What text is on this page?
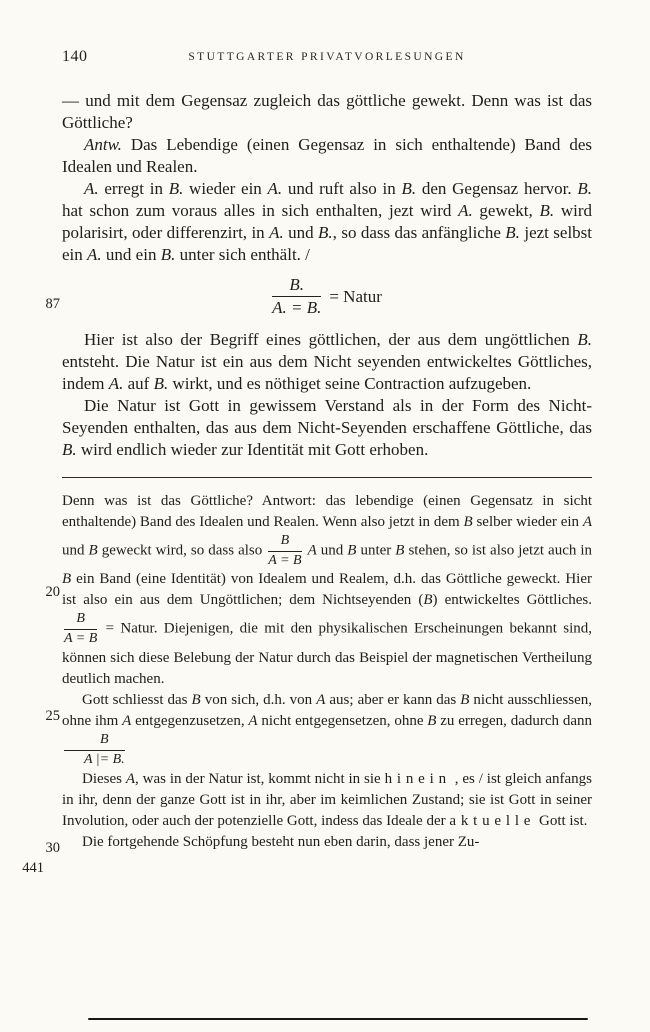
140	STUTTGARTER PRIVATVORLESUNGEN
87
20
25
30
441

— und mit dem Gegensaz zugleich das göttliche gewekt. Denn was ist das Göttliche?

Antw. Das Lebendige (einen Gegensaz in sich enthaltende) Band des Idealen und Realen.

A. erregt in B. wieder ein A. und ruft also in B. den Gegensaz hervor. B. hat schon zum voraus alles in sich enthalten, jezt wird A. gewekt, B. wird polarisirt, oder differenzirt, in A. und B., so dass das anfängliche B. jezt selbst ein A. und ein B. unter sich enthält. /

$\frac{B.}{A. = B.}$ = Natur

Hier ist also der Begriff eines göttlichen, der aus dem ungöttlichen B. entsteht. Die Natur ist ein aus dem Nicht seyenden entwickeltes Göttliches, indem A. auf B. wirkt, und es nöthiget seine Contraction aufzugeben.

Die Natur ist Gott in gewissem Verstand als in der Form des Nicht-Seyenden enthalten, das aus dem Nicht-Seyenden erschaffene Göttliche, das B. wird endlich wieder zur Identität mit Gott erhoben.

Denn was ist das Göttliche? Antwort: das lebendige (einen Gegensatz in sicht enthaltende) Band des Idealen und Realen. Wenn also jetzt in dem B selber wieder ein A und B geweckt wird, so dass also $\frac{B}{A = B}$ A und B unter B stehen, so ist also jetzt auch in B ein Band (eine Identität) von Idealem und Realem, d.h. das Göttliche geweckt. Hier ist also ein aus dem Ungöttlichen; dem Nichtseyenden (B) entwickeltes Göttliches.
$\frac{B}{A = B}$ = Natur. Diejenigen, die mit den physikalischen Erscheinungen bekannt sind, können sich diese Belebung der Natur durch das Beispiel der magnetischen Vertheilung deutlich machen.

Gott schliesst das B von sich, d.h. von A aus; aber er kann das B nicht ausschliessen, ohne ihm A entgegenzusetzen, A nicht entgegensetzen, ohne B zu erregen, dadurch dann
$\frac{B}{A |= B.}$

Dieses A, was in der Natur ist, kommt nicht in sie hinein , es / ist gleich anfangs in ihr, denn der ganze Gott ist in ihr, aber im keimlichen Zustand; sie ist Gott in seiner Involution, oder auch der potenzielle Gott, indess das Ideale der aktuelle Gott ist.

Die fortgehende Schöpfung besteht nun eben darin, dass jener Zu-
